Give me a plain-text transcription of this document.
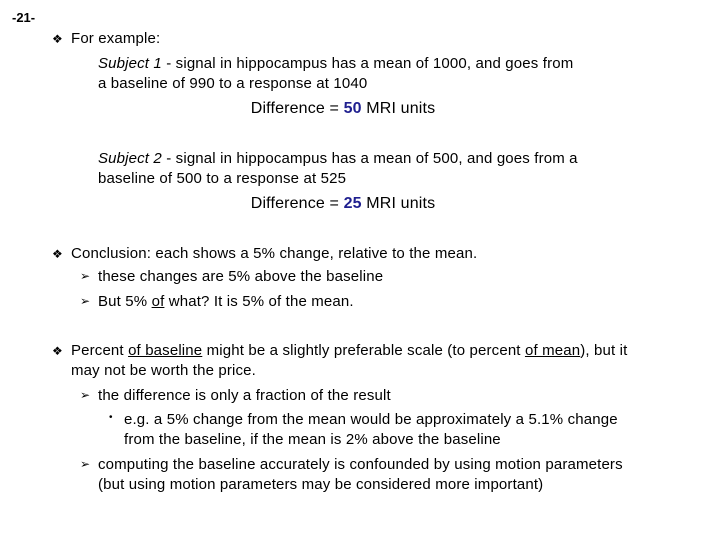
-21-
❖ For example:
Subject 1 - signal in hippocampus has a mean of 1000, and goes from
a baseline of 990 to a response at 1040
Difference = 50 MRI units
Subject 2 - signal in hippocampus has a mean of 500, and goes from a
baseline of 500 to a response at 525
Difference = 25 MRI units
❖ Conclusion: each shows a 5% change, relative to the mean.
➢ these changes are 5% above the baseline
➢ But 5% of what? It is 5% of the mean.
❖ Percent of baseline might be a slightly preferable scale (to percent of mean), but it
may not be worth the price.
➢ the difference is only a fraction of the result
• e.g. a 5% change from the mean would be approximately a 5.1% change
from the baseline, if the mean is 2% above the baseline
➢ computing the baseline accurately is confounded by using motion parameters
(but using motion parameters may be considered more important)
